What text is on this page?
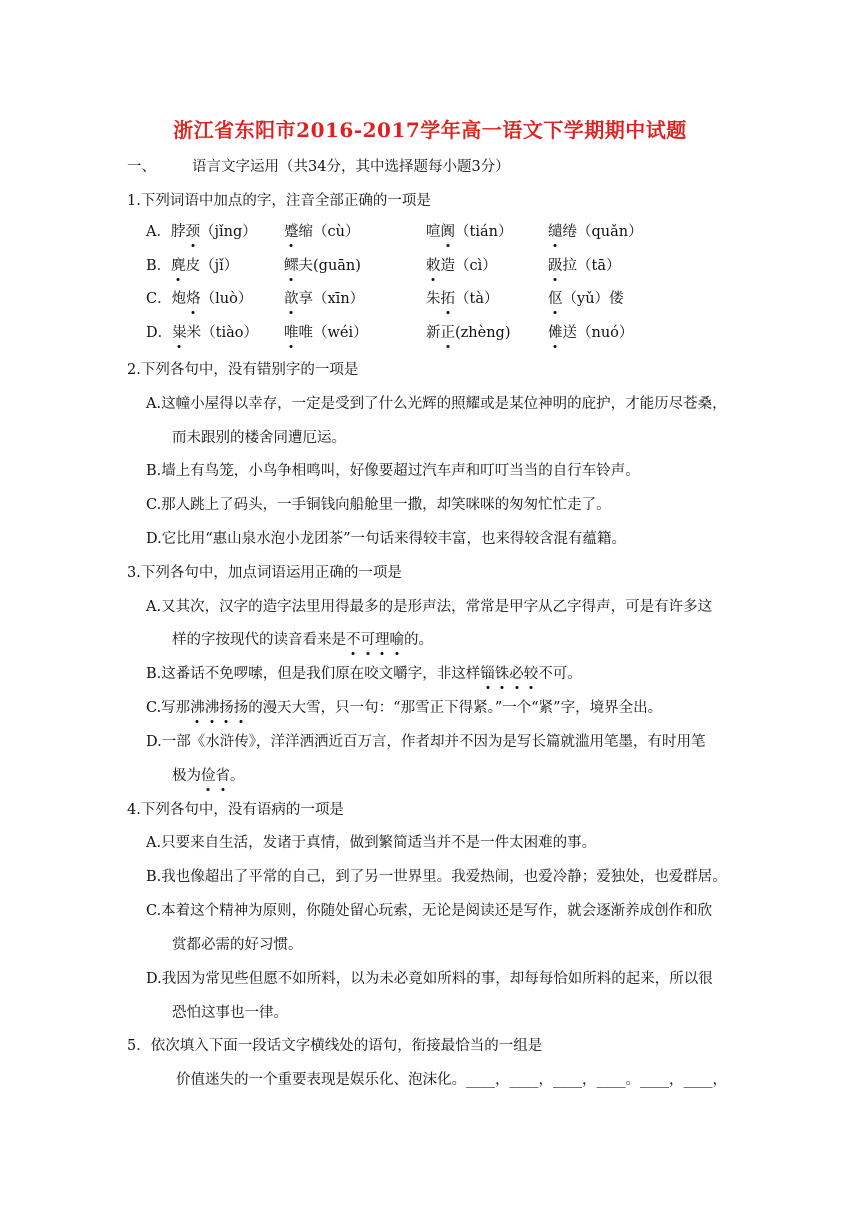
浙江省东阳市2016-2017学年高一语文下学期期中试题
一、 语言文字运用（共34分，其中选择题每小题3分）
1.下列词语中加点的字，注音全部正确的一项是
A．脖颈（jǐng） 蹙缩（cù）	喧阗（tián） 缱绻（quǎn）
B．麂皮（jǐ）	鳏夫(guān)	敕造（cì）	趿拉（tā）
C．炮烙（luò） 歆享（xīn）	朱拓（tà）	伛（yǔ）偻
D．粜米（tiào） 唯唯（wéi）	新正(zhèng)	傩送（nuó）
2.下列各句中，没有错别字的一项是
A.这幢小屋得以幸存，一定是受到了什么光辉的照耀或是某位神明的庇护，才能历尽苍桑，
而未跟别的楼舍同遭厄运。
B.墙上有鸟笼，小鸟争相鸣叫，好像要超过汽车声和叮叮当当的自行车铃声。
C.那人跳上了码头，一手铜钱向船舱里一撒，却笑咪咪的匆匆忙忙走了。
D.它比用“惠山泉水泡小龙团茶”一句话来得较丰富，也来得较含混有蕴籍。
3.下列各句中，加点词语运用正确的一项是
A.又其次，汉字的造字法里用得最多的是形声法，常常是甲字从乙字得声，可是有许多这
样的字按现代的读音看来是不可理喻的。
B.这番话不免啰嗦，但是我们原在咬文嚼字，非这样锱铢必较不可。
C.写那沸沸扬扬的漫天大雪，只一句：“那雪正下得紧。”一个“紧”字，境界全出。
D.一部《水浒传》，洋洋洒洒近百万言，作者却并不因为是写长篇就滥用笔墨，有时用笔
极为俭省。
4.下列各句中，没有语病的一项是
A.只要来自生活，发诸于真情，做到繁简适当并不是一件太困难的事。
B.我也像超出了平常的自己，到了另一世界里。我爱热闹，也爱冷静；爱独处，也爱群居。
C.本着这个精神为原则，你随处留心玩索，无论是阅读还是写作，就会逐渐养成创作和欣
赏都必需的好习惯。
D.我因为常见些但愿不如所料，以为未必竟如所料的事，却每每恰如所料的起来，所以很
恐怕这事也一律。
5．依次填入下面一段话文字横线处的语句，衔接最恰当的一组是
价值迷失的一个重要表现是娱乐化、泡沫化。____，____，____，____。____，____，
